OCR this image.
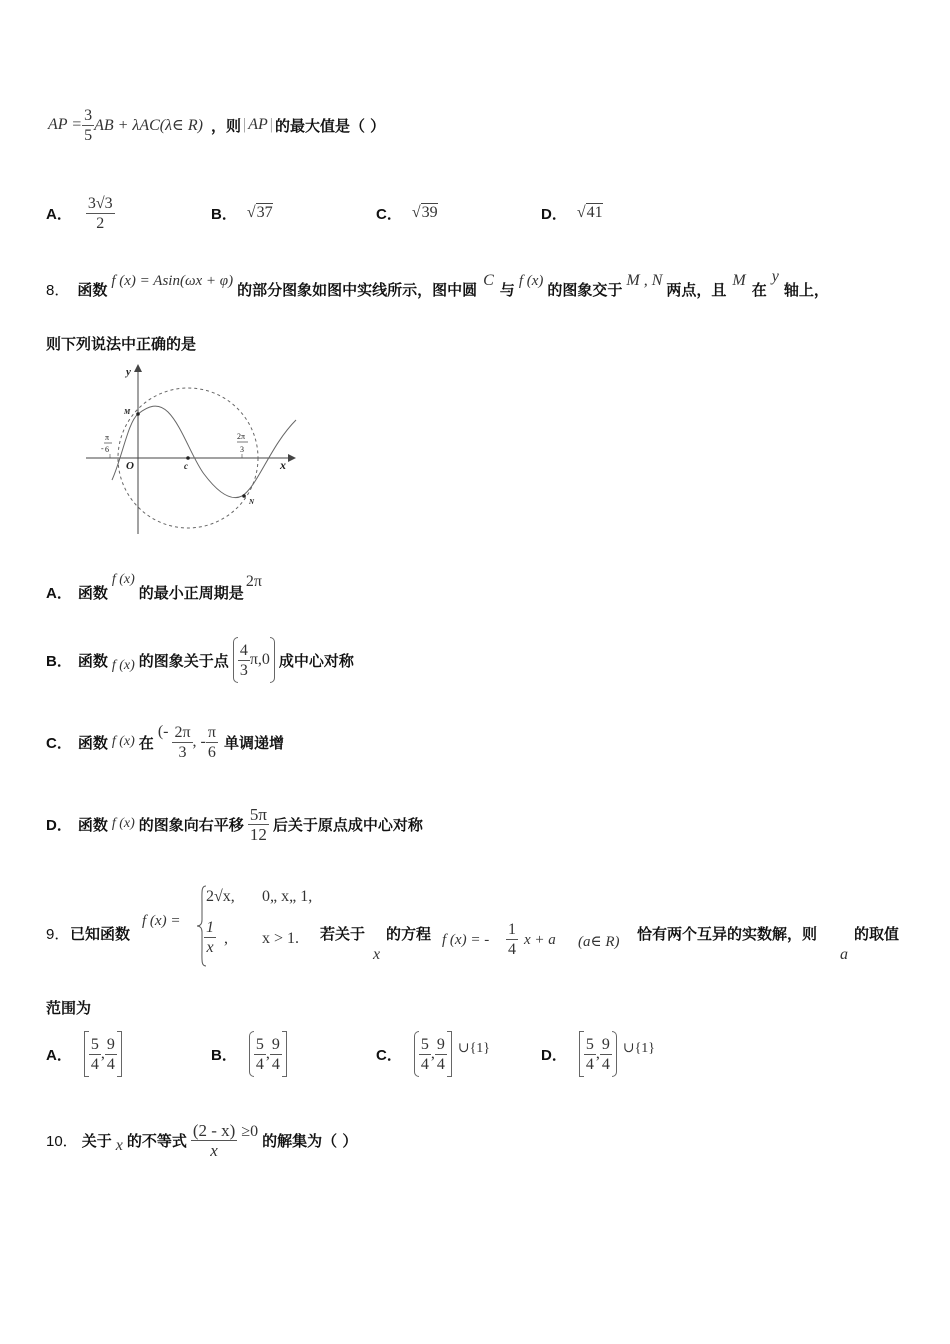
AP = $\frac{3}{5}$ AB + λAC(λ∈ R) ，则 | AP | 的最大值是（ ）
A． $\frac{3√3}{2}$	B． √37	C． √39	D． √41
8． 函数 f (x) = Asin(ωx + φ) 的部分图象如图中实线所示，图中圆 C 与 f (x) 的图象交于 M , N 两点，且 M 在
y
轴上，
则下列说法中正确的是
y
x
O
M
N
c
-
π
6
2π
3
A． 函数
f (x)
的最小正周期是
2π
B． 函数 f (x) 的图象关于点 $\frac{4}{3} \pi,0$ 成中心对称
C． 函数 f (x) 在
(- $\frac{2\pi}{3}$ , - $\frac{\pi}{6}$ 单调递增
D． 函数 f (x) 的图象向右平移 $\frac{5\pi}{12}$ 后关于原点成中心对称
9． 已知函数
f (x) =
2√x, 0„ x„ 1,
$\frac{1}{x}$ , x > 1. 若关于
x
的方程 f (x) = - $\frac{1}{4}$ x + a (a∈ R) 恰有两个互异的实数解，则
a
的取值
范围为
A． $\frac{5}{4}$ , $\frac{9}{4}$	B． $\frac{5}{4}$ , $\frac{9}{4}$	C． $\frac{5}{4}$ , $\frac{9}{4}$ ∪{1}	D． $\frac{5}{4}$ , $\frac{9}{4}$ ∪{1}
10． 关于 x 的不等式 $\frac{(2 - x)}{x} \ge 0$ 的解集为（ ）
